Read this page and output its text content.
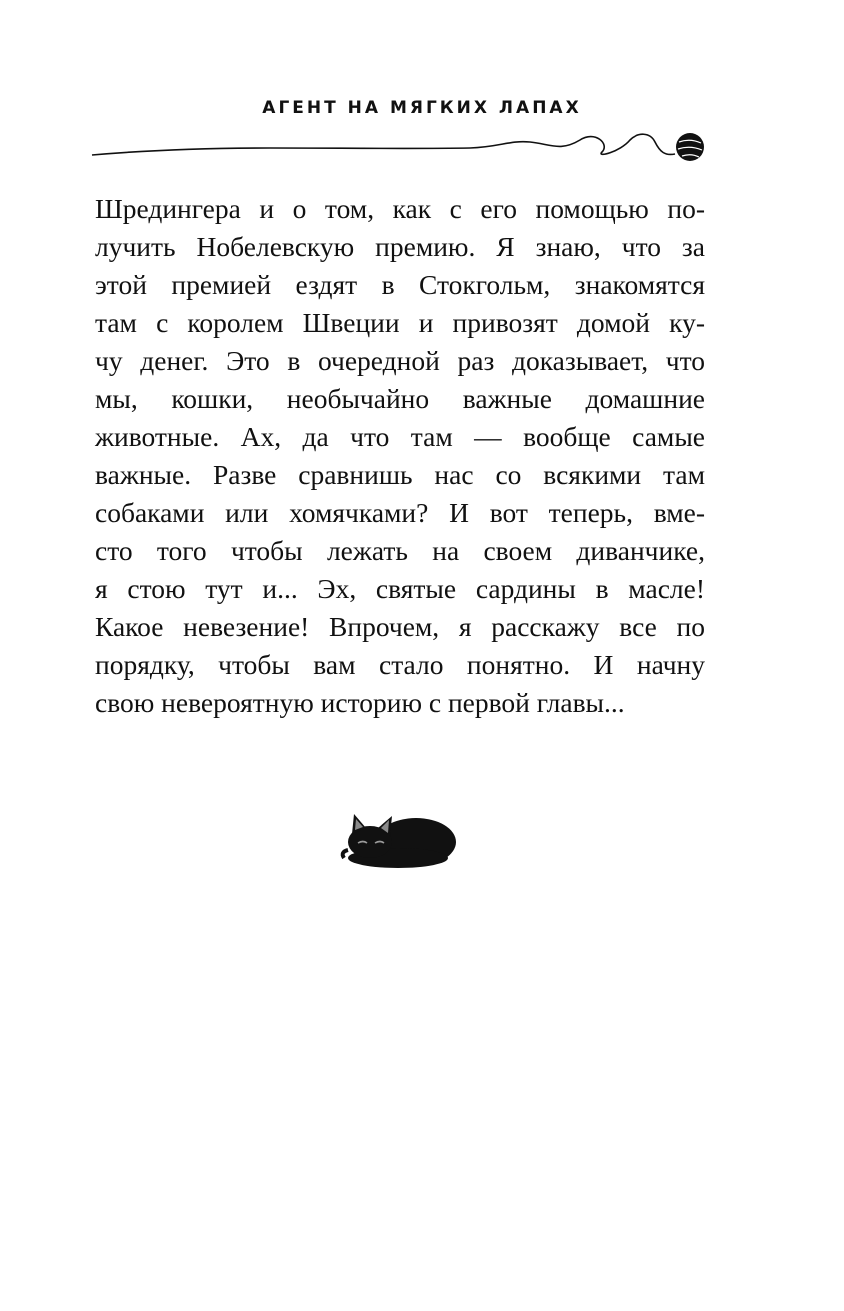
АГЕНТ НА МЯГКИХ ЛАПАХ
Шредингера и о том, как с его помощью по-
лучить Нобелевскую премию. Я знаю, что за
этой премией ездят в Стокгольм, знакомятся
там с королем Швеции и привозят домой ку-
чу денег. Это в очередной раз доказывает, что
мы, кошки, необычайно важные домашние
животные. Ах, да что там — вообще самые
важные. Разве сравнишь нас со всякими там
собаками или хомячками? И вот теперь, вме-
сто того чтобы лежать на своем диванчике,
я стою тут и... Эх, святые сардины в масле!
Какое невезение! Впрочем, я расскажу все по
порядку, чтобы вам стало понятно. И начну
свою невероятную историю с первой главы...
